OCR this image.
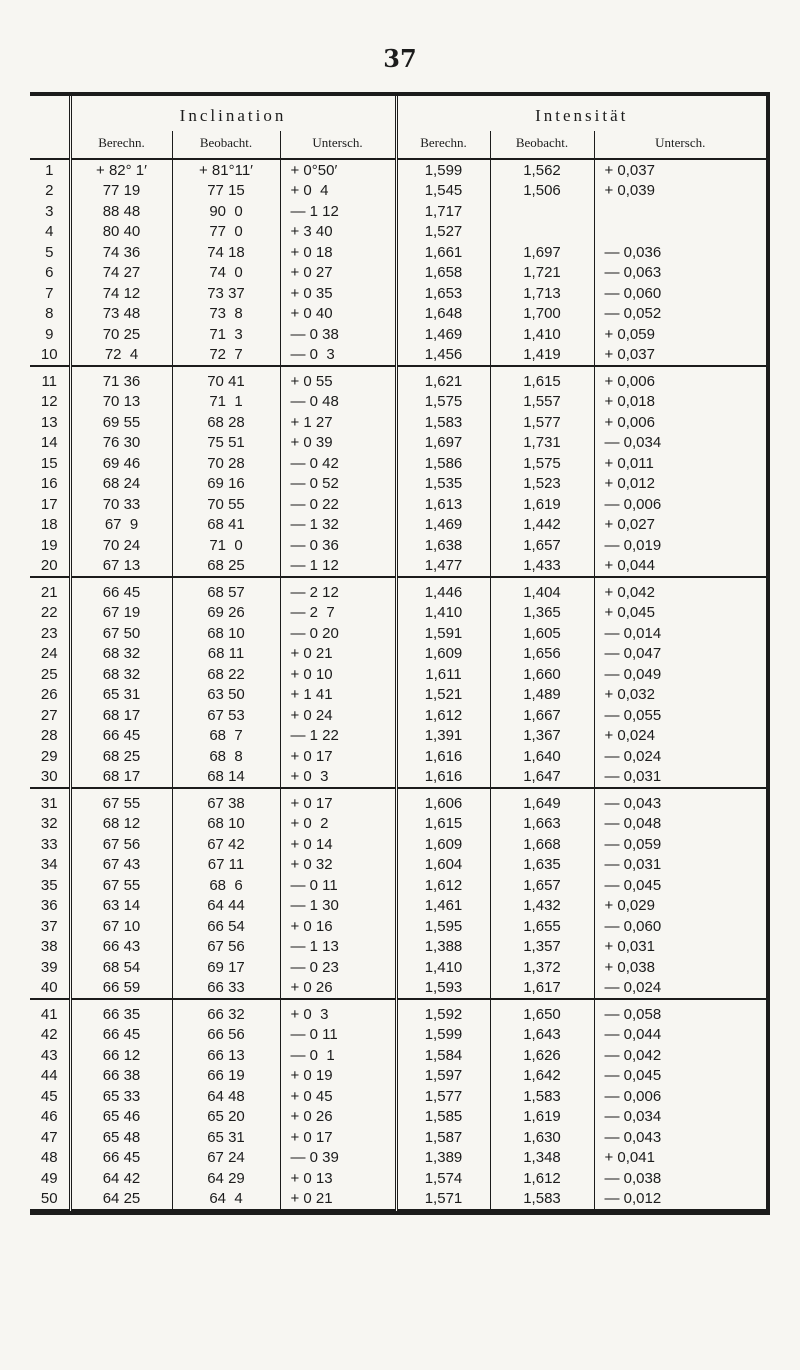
37
	Inclination			Intensität		
	Berechn.	Beobacht.	Untersch.	Berechn.	Beobacht.	Untersch.
1	+ 82° 1′	+ 81°11′	+ 0°50′	1,599	1,562	+ 0,037
2	77 19	77 15	+ 0  4	1,545	1,506	+ 0,039
3	88 48	90  0	— 1 12	1,717		
4	80 40	77  0	+ 3 40	1,527		
5	74 36	74 18	+ 0 18	1,661	1,697	— 0,036
6	74 27	74  0	+ 0 27	1,658	1,721	— 0,063
7	74 12	73 37	+ 0 35	1,653	1,713	— 0,060
8	73 48	73  8	+ 0 40	1,648	1,700	— 0,052
9	70 25	71  3	— 0 38	1,469	1,410	+ 0,059
10	72  4	72  7	— 0  3	1,456	1,419	+ 0,037
11	71 36	70 41	+ 0 55	1,621	1,615	+ 0,006
12	70 13	71  1	— 0 48	1,575	1,557	+ 0,018
13	69 55	68 28	+ 1 27	1,583	1,577	+ 0,006
14	76 30	75 51	+ 0 39	1,697	1,731	— 0,034
15	69 46	70 28	— 0 42	1,586	1,575	+ 0,011
16	68 24	69 16	— 0 52	1,535	1,523	+ 0,012
17	70 33	70 55	— 0 22	1,613	1,619	— 0,006
18	67  9	68 41	— 1 32	1,469	1,442	+ 0,027
19	70 24	71  0	— 0 36	1,638	1,657	— 0,019
20	67 13	68 25	— 1 12	1,477	1,433	+ 0,044
21	66 45	68 57	— 2 12	1,446	1,404	+ 0,042
22	67 19	69 26	— 2  7	1,410	1,365	+ 0,045
23	67 50	68 10	— 0 20	1,591	1,605	— 0,014
24	68 32	68 11	+ 0 21	1,609	1,656	— 0,047
25	68 32	68 22	+ 0 10	1,611	1,660	— 0,049
26	65 31	63 50	+ 1 41	1,521	1,489	+ 0,032
27	68 17	67 53	+ 0 24	1,612	1,667	— 0,055
28	66 45	68  7	— 1 22	1,391	1,367	+ 0,024
29	68 25	68  8	+ 0 17	1,616	1,640	— 0,024
30	68 17	68 14	+ 0  3	1,616	1,647	— 0,031
31	67 55	67 38	+ 0 17	1,606	1,649	— 0,043
32	68 12	68 10	+ 0  2	1,615	1,663	— 0,048
33	67 56	67 42	+ 0 14	1,609	1,668	— 0,059
34	67 43	67 11	+ 0 32	1,604	1,635	— 0,031
35	67 55	68  6	— 0 11	1,612	1,657	— 0,045
36	63 14	64 44	— 1 30	1,461	1,432	+ 0,029
37	67 10	66 54	+ 0 16	1,595	1,655	— 0,060
38	66 43	67 56	— 1 13	1,388	1,357	+ 0,031
39	68 54	69 17	— 0 23	1,410	1,372	+ 0,038
40	66 59	66 33	+ 0 26	1,593	1,617	— 0,024
41	66 35	66 32	+ 0  3	1,592	1,650	— 0,058
42	66 45	66 56	— 0 11	1,599	1,643	— 0,044
43	66 12	66 13	— 0  1	1,584	1,626	— 0,042
44	66 38	66 19	+ 0 19	1,597	1,642	— 0,045
45	65 33	64 48	+ 0 45	1,577	1,583	— 0,006
46	65 46	65 20	+ 0 26	1,585	1,619	— 0,034
47	65 48	65 31	+ 0 17	1,587	1,630	— 0,043
48	66 45	67 24	— 0 39	1,389	1,348	+ 0,041
49	64 42	64 29	+ 0 13	1,574	1,612	— 0,038
50	64 25	64  4	+ 0 21	1,571	1,583	— 0,012
